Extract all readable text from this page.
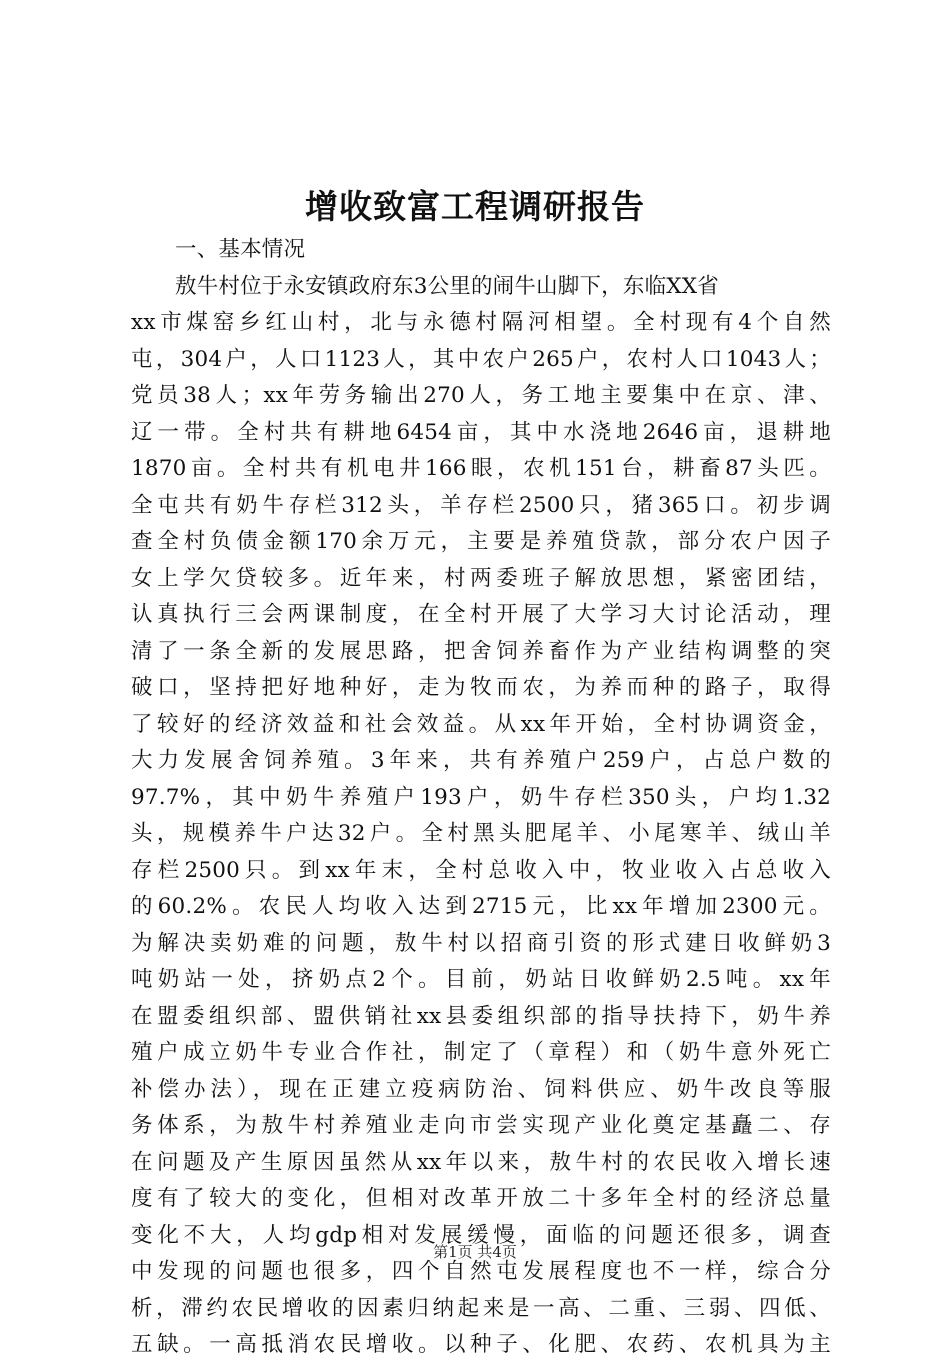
增收致富工程调研报告
一、基本情况
敖牛村位于永安镇政府东3公里的闹牛山脚下，东临XX省
xx市煤窑乡红山村，北与永德村隔河相望。全村现有4个自然
屯，304户，人口1123人，其中农户265户，农村人口1043人；
党员38人；xx年劳务输出270人，务工地主要集中在京、津、
辽一带。全村共有耕地6454亩，其中水浇地2646亩，退耕地
1870亩。全村共有机电井166眼，农机151台，耕畜87头匹。
全屯共有奶牛存栏312头，羊存栏2500只，猪365口。初步调
查全村负债金额170余万元，主要是养殖贷款，部分农户因子
女上学欠贷较多。近年来，村两委班子解放思想，紧密团结，
认真执行三会两课制度，在全村开展了大学习大讨论活动，理
清了一条全新的发展思路，把舍饲养畜作为产业结构调整的突
破口，坚持把好地种好，走为牧而农，为养而种的路子，取得
了较好的经济效益和社会效益。从xx年开始，全村协调资金，
大力发展舍饲养殖。3年来，共有养殖户259户，占总户数的
97.7%，其中奶牛养殖户193户，奶牛存栏350头，户均1.32
头，规模养牛户达32户。全村黑头肥尾羊、小尾寒羊、绒山羊
存栏2500只。到xx年末，全村总收入中，牧业收入占总收入
的60.2%。农民人均收入达到2715元，比xx年增加2300元。
为解决卖奶难的问题，敖牛村以招商引资的形式建日收鲜奶3
吨奶站一处，挤奶点2个。目前，奶站日收鲜奶2.5吨。xx年
在盟委组织部、盟供销社xx县委组织部的指导扶持下，奶牛养
殖户成立奶牛专业合作社，制定了（章程）和（奶牛意外死亡
补偿办法），现在正建立疫病防治、饲料供应、奶牛改良等服
务体系，为敖牛村养殖业走向市尝实现产业化奠定基矗二、存
在问题及产生原因虽然从xx年以来，敖牛村的农民收入增长速
度有了较大的变化，但相对改革开放二十多年全村的经济总量
变化不大，人均gdp相对发展缓慢，面临的问题还很多，调查
中发现的问题也很多，四个自然屯发展程度也不一样，综合分
析，滞约农民增收的因素归纳起来是一高、二重、三弱、四低、
五缺。一高抵消农民增收。以种子、化肥、农药、农机具为主
第1页 共4页
